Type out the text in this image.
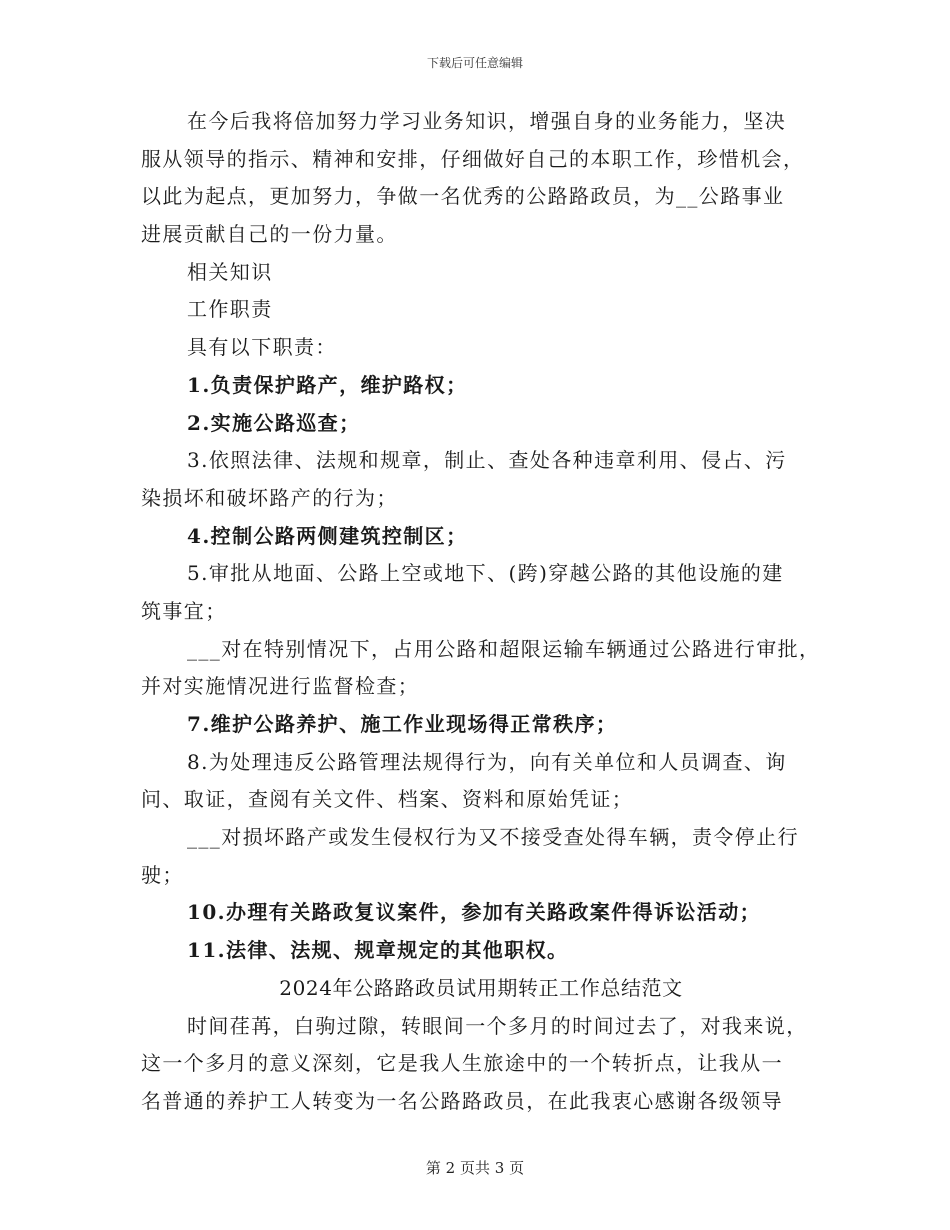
下载后可任意编辑
在今后我将倍加努力学习业务知识，增强自身的业务能力，坚决
服从领导的指示、精神和安排，仔细做好自己的本职工作，珍惜机会，
以此为起点，更加努力，争做一名优秀的公路路政员，为__公路事业
进展贡献自己的一份力量。
相关知识
工作职责
具有以下职责：
1.负责保护路产，维护路权；
2.实施公路巡查；
3.依照法律、法规和规章，制止、查处各种违章利用、侵占、污
染损坏和破坏路产的行为；
4.控制公路两侧建筑控制区；
5.审批从地面、公路上空或地下、(跨)穿越公路的其他设施的建
筑事宜；
___对在特别情况下，占用公路和超限运输车辆通过公路进行审批，
并对实施情况进行监督检查；
7.维护公路养护、施工作业现场得正常秩序；
8.为处理违反公路管理法规得行为，向有关单位和人员调查、询
问、取证，查阅有关文件、档案、资料和原始凭证；
___对损坏路产或发生侵权行为又不接受查处得车辆，责令停止行
驶；
10.办理有关路政复议案件，参加有关路政案件得诉讼活动；
11.法律、法规、规章规定的其他职权。
2024年公路路政员试用期转正工作总结范文
时间荏苒，白驹过隙，转眼间一个多月的时间过去了，对我来说，
这一个多月的意义深刻，它是我人生旅途中的一个转折点，让我从一
名普通的养护工人转变为一名公路路政员，在此我衷心感谢各级领导
第 2 页共 3 页
